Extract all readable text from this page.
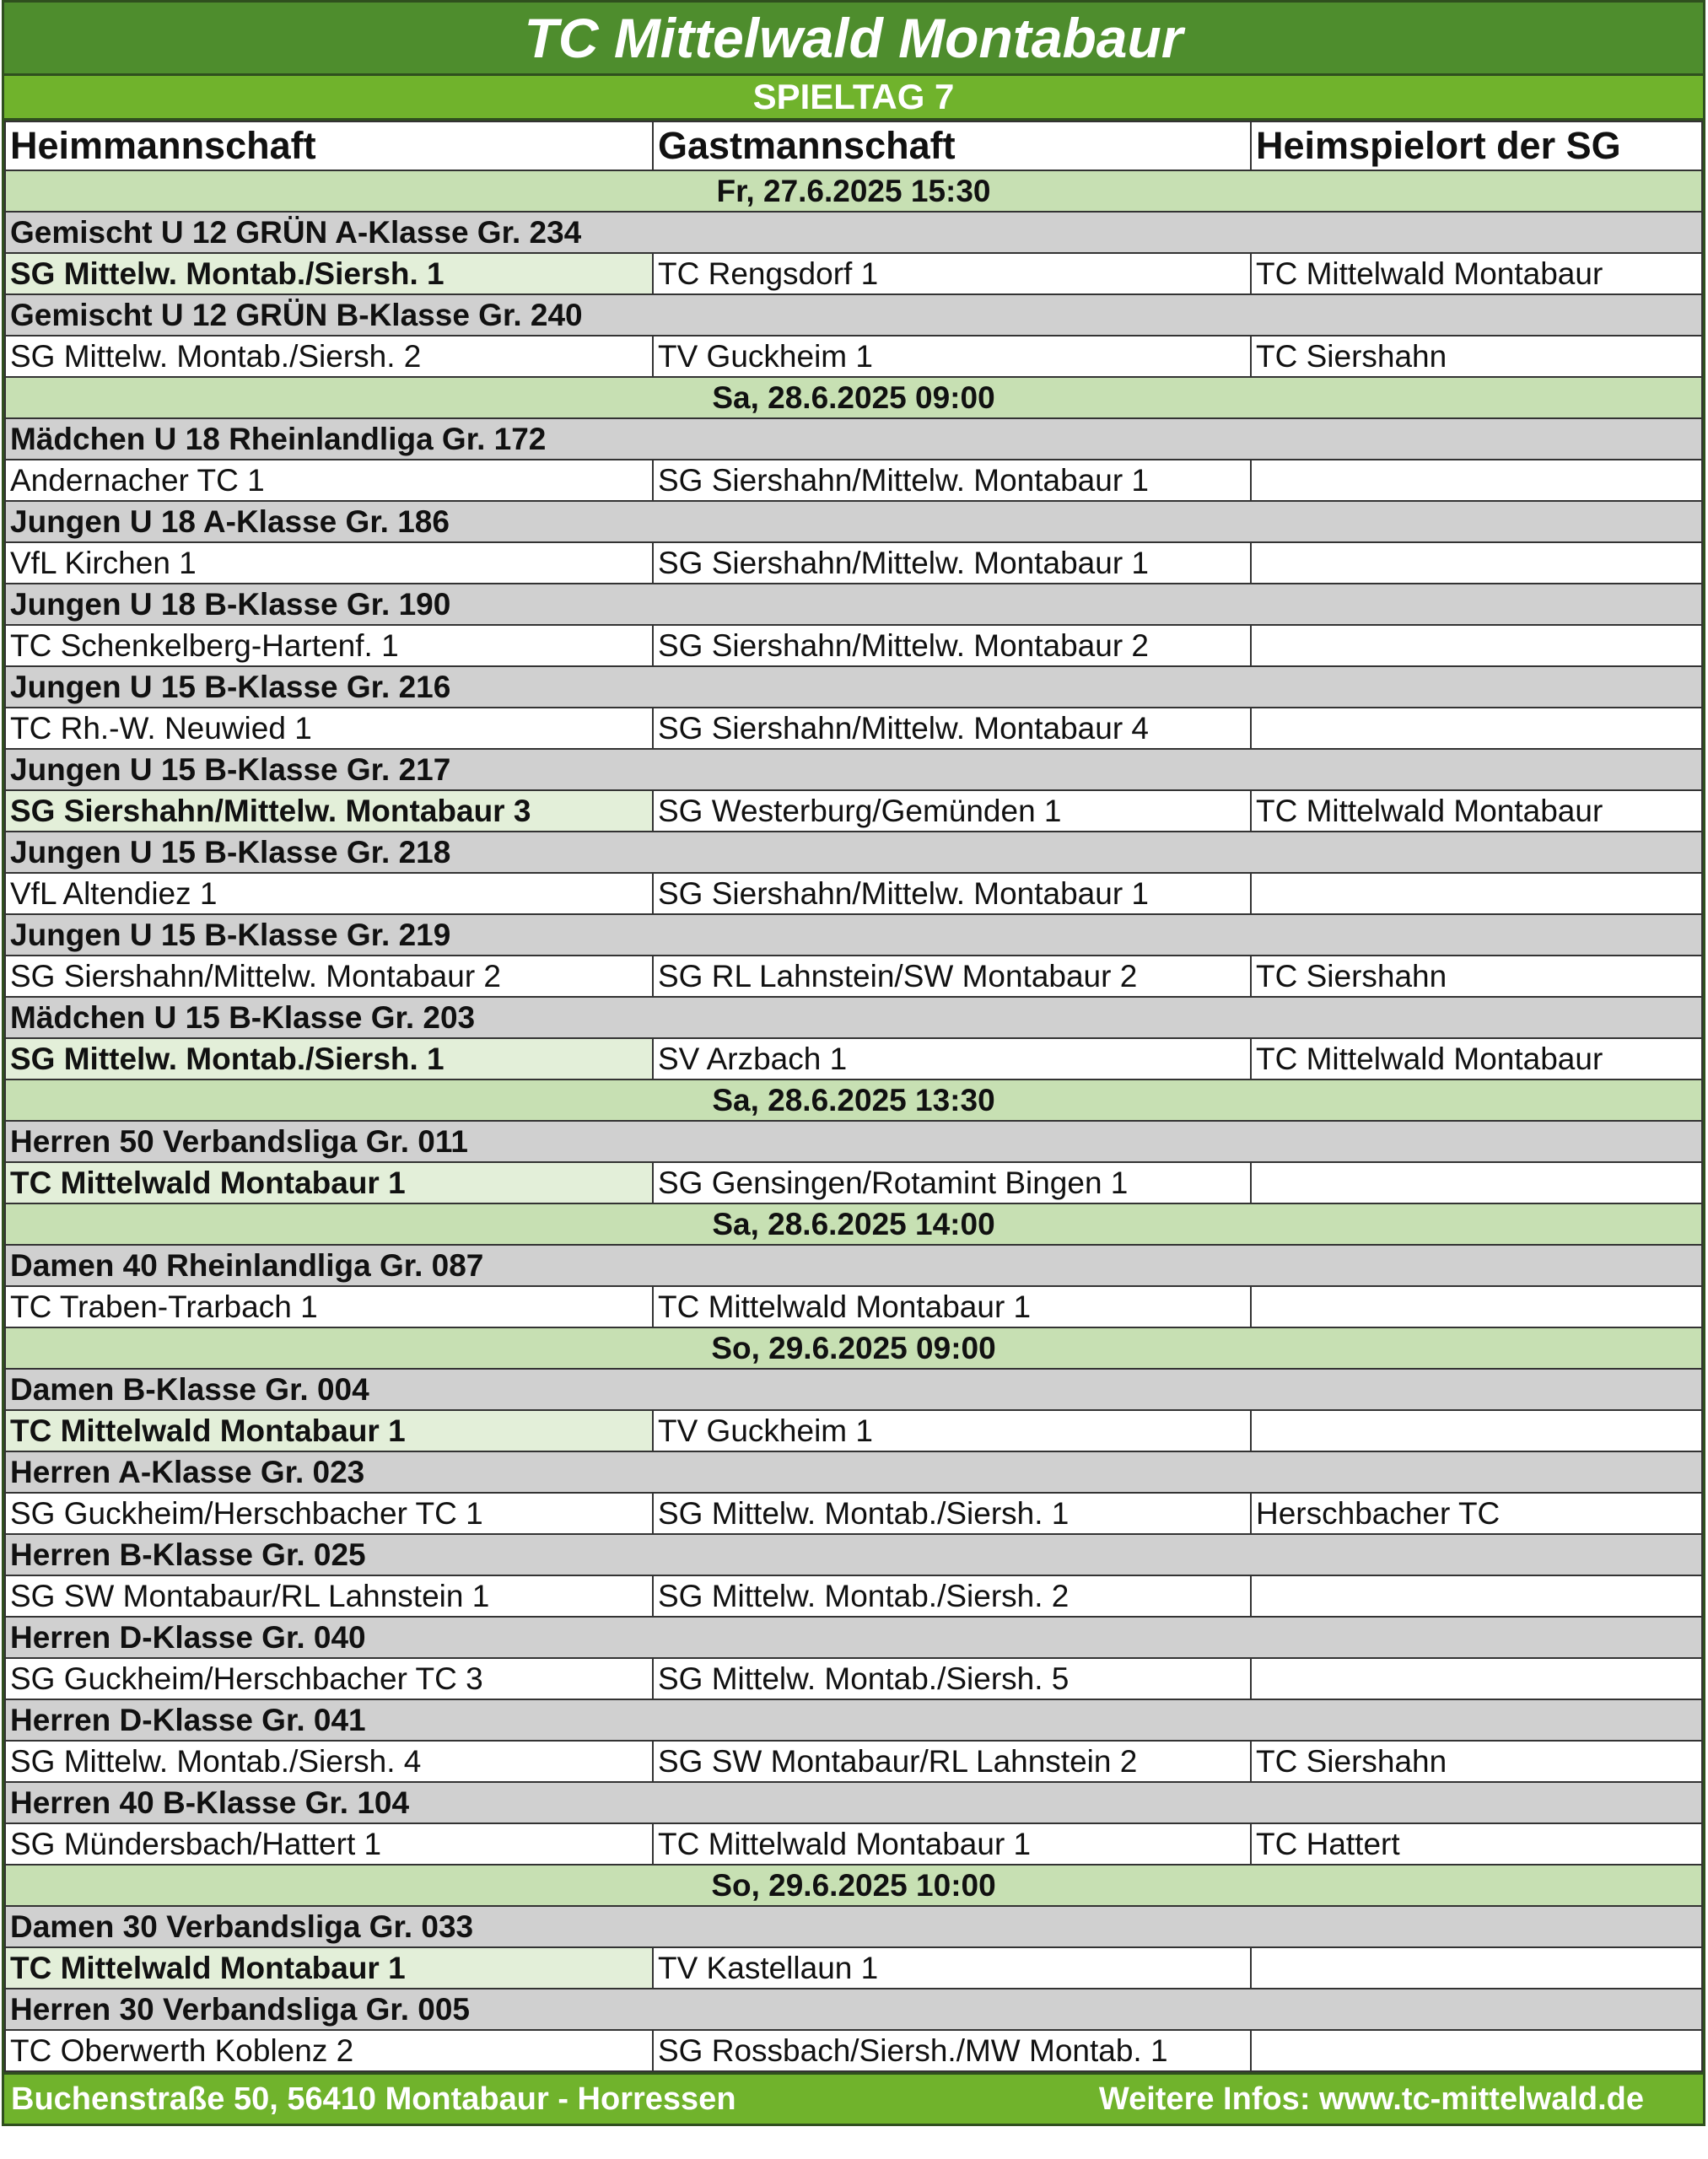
TC Mittelwald Montabaur
SPIELTAG 7
Heimmannschaft	Gastmannschaft	Heimspielort der SG
Fr, 27.6.2025 15:30		
Gemischt U 12 GRÜN A-Klasse Gr. 234		
SG Mittelw. Montab./Siersh. 1	TC Rengsdorf 1	TC Mittelwald Montabaur
Gemischt U 12 GRÜN B-Klasse Gr. 240		
SG Mittelw. Montab./Siersh. 2	TV Guckheim 1	TC Siershahn
Sa, 28.6.2025 09:00		
Mädchen U 18 Rheinlandliga Gr. 172		
Andernacher TC 1	SG Siershahn/Mittelw. Montabaur 1	
Jungen U 18 A-Klasse Gr. 186		
VfL Kirchen 1	SG Siershahn/Mittelw. Montabaur 1	
Jungen U 18 B-Klasse Gr. 190		
TC Schenkelberg-Hartenf. 1	SG Siershahn/Mittelw. Montabaur 2	
Jungen U 15 B-Klasse Gr. 216		
TC Rh.-W. Neuwied 1	SG Siershahn/Mittelw. Montabaur 4	
Jungen U 15 B-Klasse Gr. 217		
SG Siershahn/Mittelw. Montabaur 3	SG Westerburg/Gemünden 1	TC Mittelwald Montabaur
Jungen U 15 B-Klasse Gr. 218		
VfL Altendiez 1	SG Siershahn/Mittelw. Montabaur 1	
Jungen U 15 B-Klasse Gr. 219		
SG Siershahn/Mittelw. Montabaur 2	SG RL Lahnstein/SW Montabaur 2	TC Siershahn
Mädchen U 15 B-Klasse Gr. 203		
SG Mittelw. Montab./Siersh. 1	SV Arzbach 1	TC Mittelwald Montabaur
Sa, 28.6.2025 13:30		
Herren 50 Verbandsliga Gr. 011		
TC Mittelwald Montabaur 1	SG Gensingen/Rotamint Bingen 1	
Sa, 28.6.2025 14:00		
Damen 40 Rheinlandliga Gr. 087		
TC Traben-Trarbach 1	TC Mittelwald Montabaur 1	
So, 29.6.2025 09:00		
Damen B-Klasse Gr. 004		
TC Mittelwald Montabaur 1	TV Guckheim 1	
Herren A-Klasse Gr. 023		
SG Guckheim/Herschbacher TC 1	SG Mittelw. Montab./Siersh. 1	Herschbacher TC
Herren B-Klasse Gr. 025		
SG SW Montabaur/RL Lahnstein 1	SG Mittelw. Montab./Siersh. 2	
Herren D-Klasse Gr. 040		
SG Guckheim/Herschbacher TC 3	SG Mittelw. Montab./Siersh. 5	
Herren D-Klasse Gr. 041		
SG Mittelw. Montab./Siersh. 4	SG SW Montabaur/RL Lahnstein 2	TC Siershahn
Herren 40 B-Klasse Gr. 104		
SG Mündersbach/Hattert 1	TC Mittelwald Montabaur 1	TC Hattert
So, 29.6.2025 10:00		
Damen 30 Verbandsliga Gr. 033		
TC Mittelwald Montabaur 1	TV Kastellaun 1	
Herren 30 Verbandsliga Gr. 005		
TC Oberwerth Koblenz 2	SG Rossbach/Siersh./MW Montab. 1	
Buchenstraße 50, 56410 Montabaur - Horressen	Weitere Infos: www.tc-mittelwald.de
